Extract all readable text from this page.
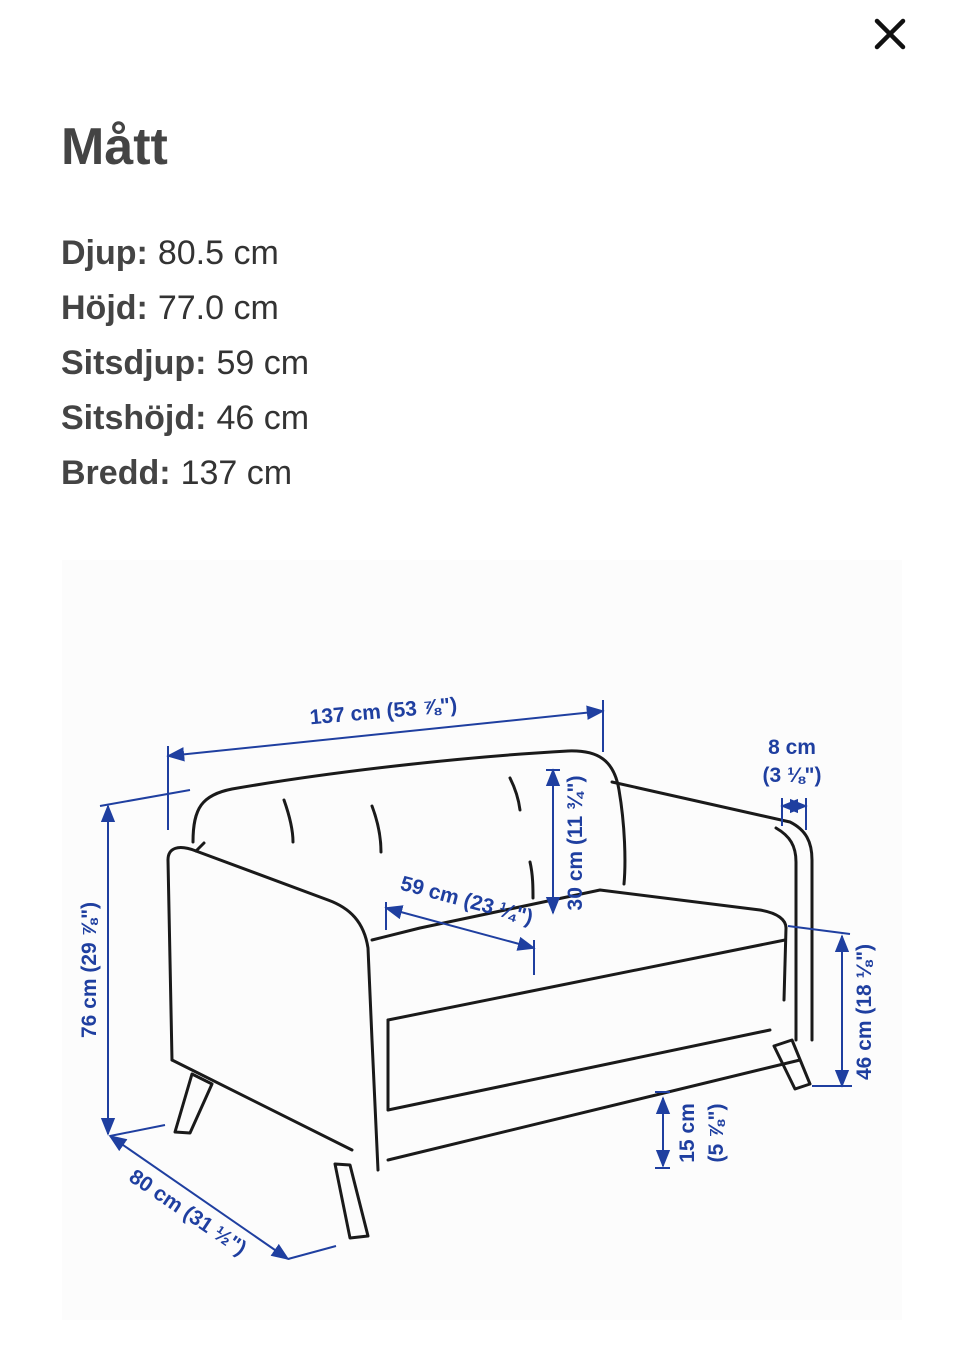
Mått
Djup: 80.5 cm
Höjd: 77.0 cm
Sitsdjup: 59 cm
Sitshöjd: 46 cm
Bredd: 137 cm
137 cm (53 ⅞")
8 cm
(3 ⅛")
30 cm (11 ¾")
59 cm (23 ¼")
76 cm (29 ⅞")	46 cm (18 ⅛")
15 cm (5 ⅞")
80 cm (31 ½")
